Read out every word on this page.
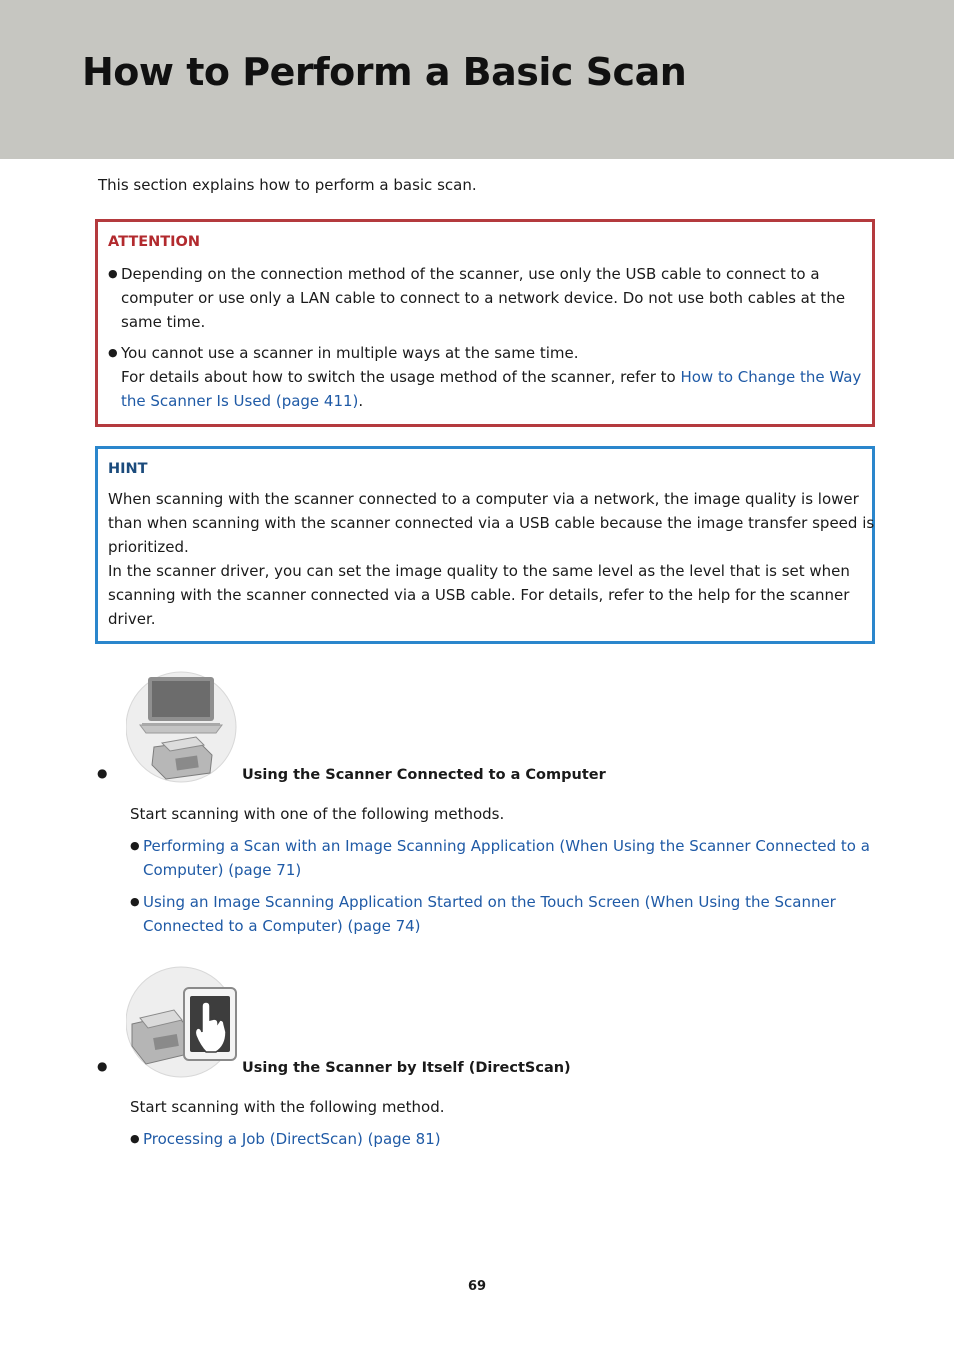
How to Perform a Basic Scan
This section explains how to perform a basic scan.
ATTENTION
● Depending on the connection method of the scanner, use only the USB cable to connect to a
computer or use only a LAN cable to connect to a network device. Do not use both cables at the
same time.
● You cannot use a scanner in multiple ways at the same time.
For details about how to switch the usage method of the scanner, refer to How to Change the Way
the Scanner Is Used (page 411).
HINT
When scanning with the scanner connected to a computer via a network, the image quality is lower
than when scanning with the scanner connected via a USB cable because the image transfer speed is
prioritized.
In the scanner driver, you can set the image quality to the same level as the level that is set when
scanning with the scanner connected via a USB cable. For details, refer to the help for the scanner
driver.
●	Using the Scanner Connected to a Computer
Start scanning with one of the following methods.
● Performing a Scan with an Image Scanning Application (When Using the Scanner Connected to a
Computer) (page 71)
● Using an Image Scanning Application Started on the Touch Screen (When Using the Scanner
Connected to a Computer) (page 74)
●	Using the Scanner by Itself (DirectScan)
Start scanning with the following method.
● Processing a Job (DirectScan) (page 81)
69
